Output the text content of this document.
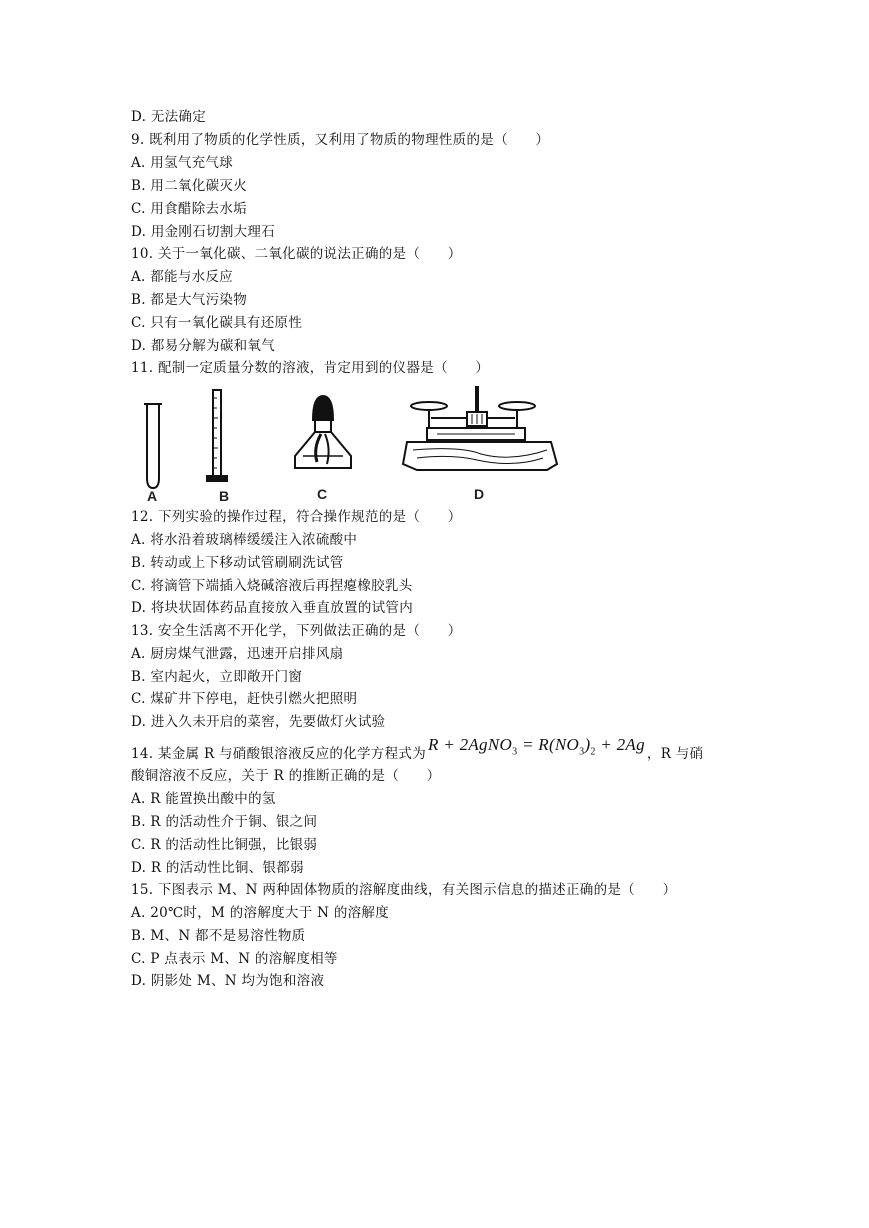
D. 无法确定
9. 既利用了物质的化学性质，又利用了物质的物理性质的是（　　）
A. 用氢气充气球
B. 用二氧化碳灭火
C. 用食醋除去水垢
D. 用金刚石切割大理石
10. 关于一氧化碳、二氧化碳的说法正确的是（　　）
A. 都能与水反应
B. 都是大气污染物
C. 只有一氧化碳具有还原性
D. 都易分解为碳和氧气
11. 配制一定质量分数的溶液，肯定用到的仪器是（　　）
A	B	C	D
12. 下列实验的操作过程，符合操作规范的是（　　）
A. 将水沿着玻璃棒缓缓注入浓硫酸中
B. 转动或上下移动试管刷刷洗试管
C. 将滴管下端插入烧碱溶液后再捏瘪橡胶乳头
D. 将块状固体药品直接放入垂直放置的试管内
13. 安全生活离不开化学，下列做法正确的是（　　）
A. 厨房煤气泄露，迅速开启排风扇
B. 室内起火，立即敞开门窗
C. 煤矿井下停电，赶快引燃火把照明
D. 进入久未开启的菜窖，先要做灯火试验
14. 某金属 R 与硝酸银溶液反应的化学方程式为 R + 2AgNO$_3$ = $R(NO_3)_2 + 2Ag$ ，R 与硝
酸铜溶液不反应，关于 R 的推断正确的是（　　）
A. R 能置换出酸中的氢
B. R 的活动性介于铜、银之间
C. R 的活动性比铜强，比银弱
D. R 的活动性比铜、银都弱
15. 下图表示 M、N 两种固体物质的溶解度曲线，有关图示信息的描述正确的是（　　）
A. 20℃时，M 的溶解度大于 N 的溶解度
B. M、N 都不是易溶性物质
C. P 点表示 M、N 的溶解度相等
D. 阴影处 M、N 均为饱和溶液
